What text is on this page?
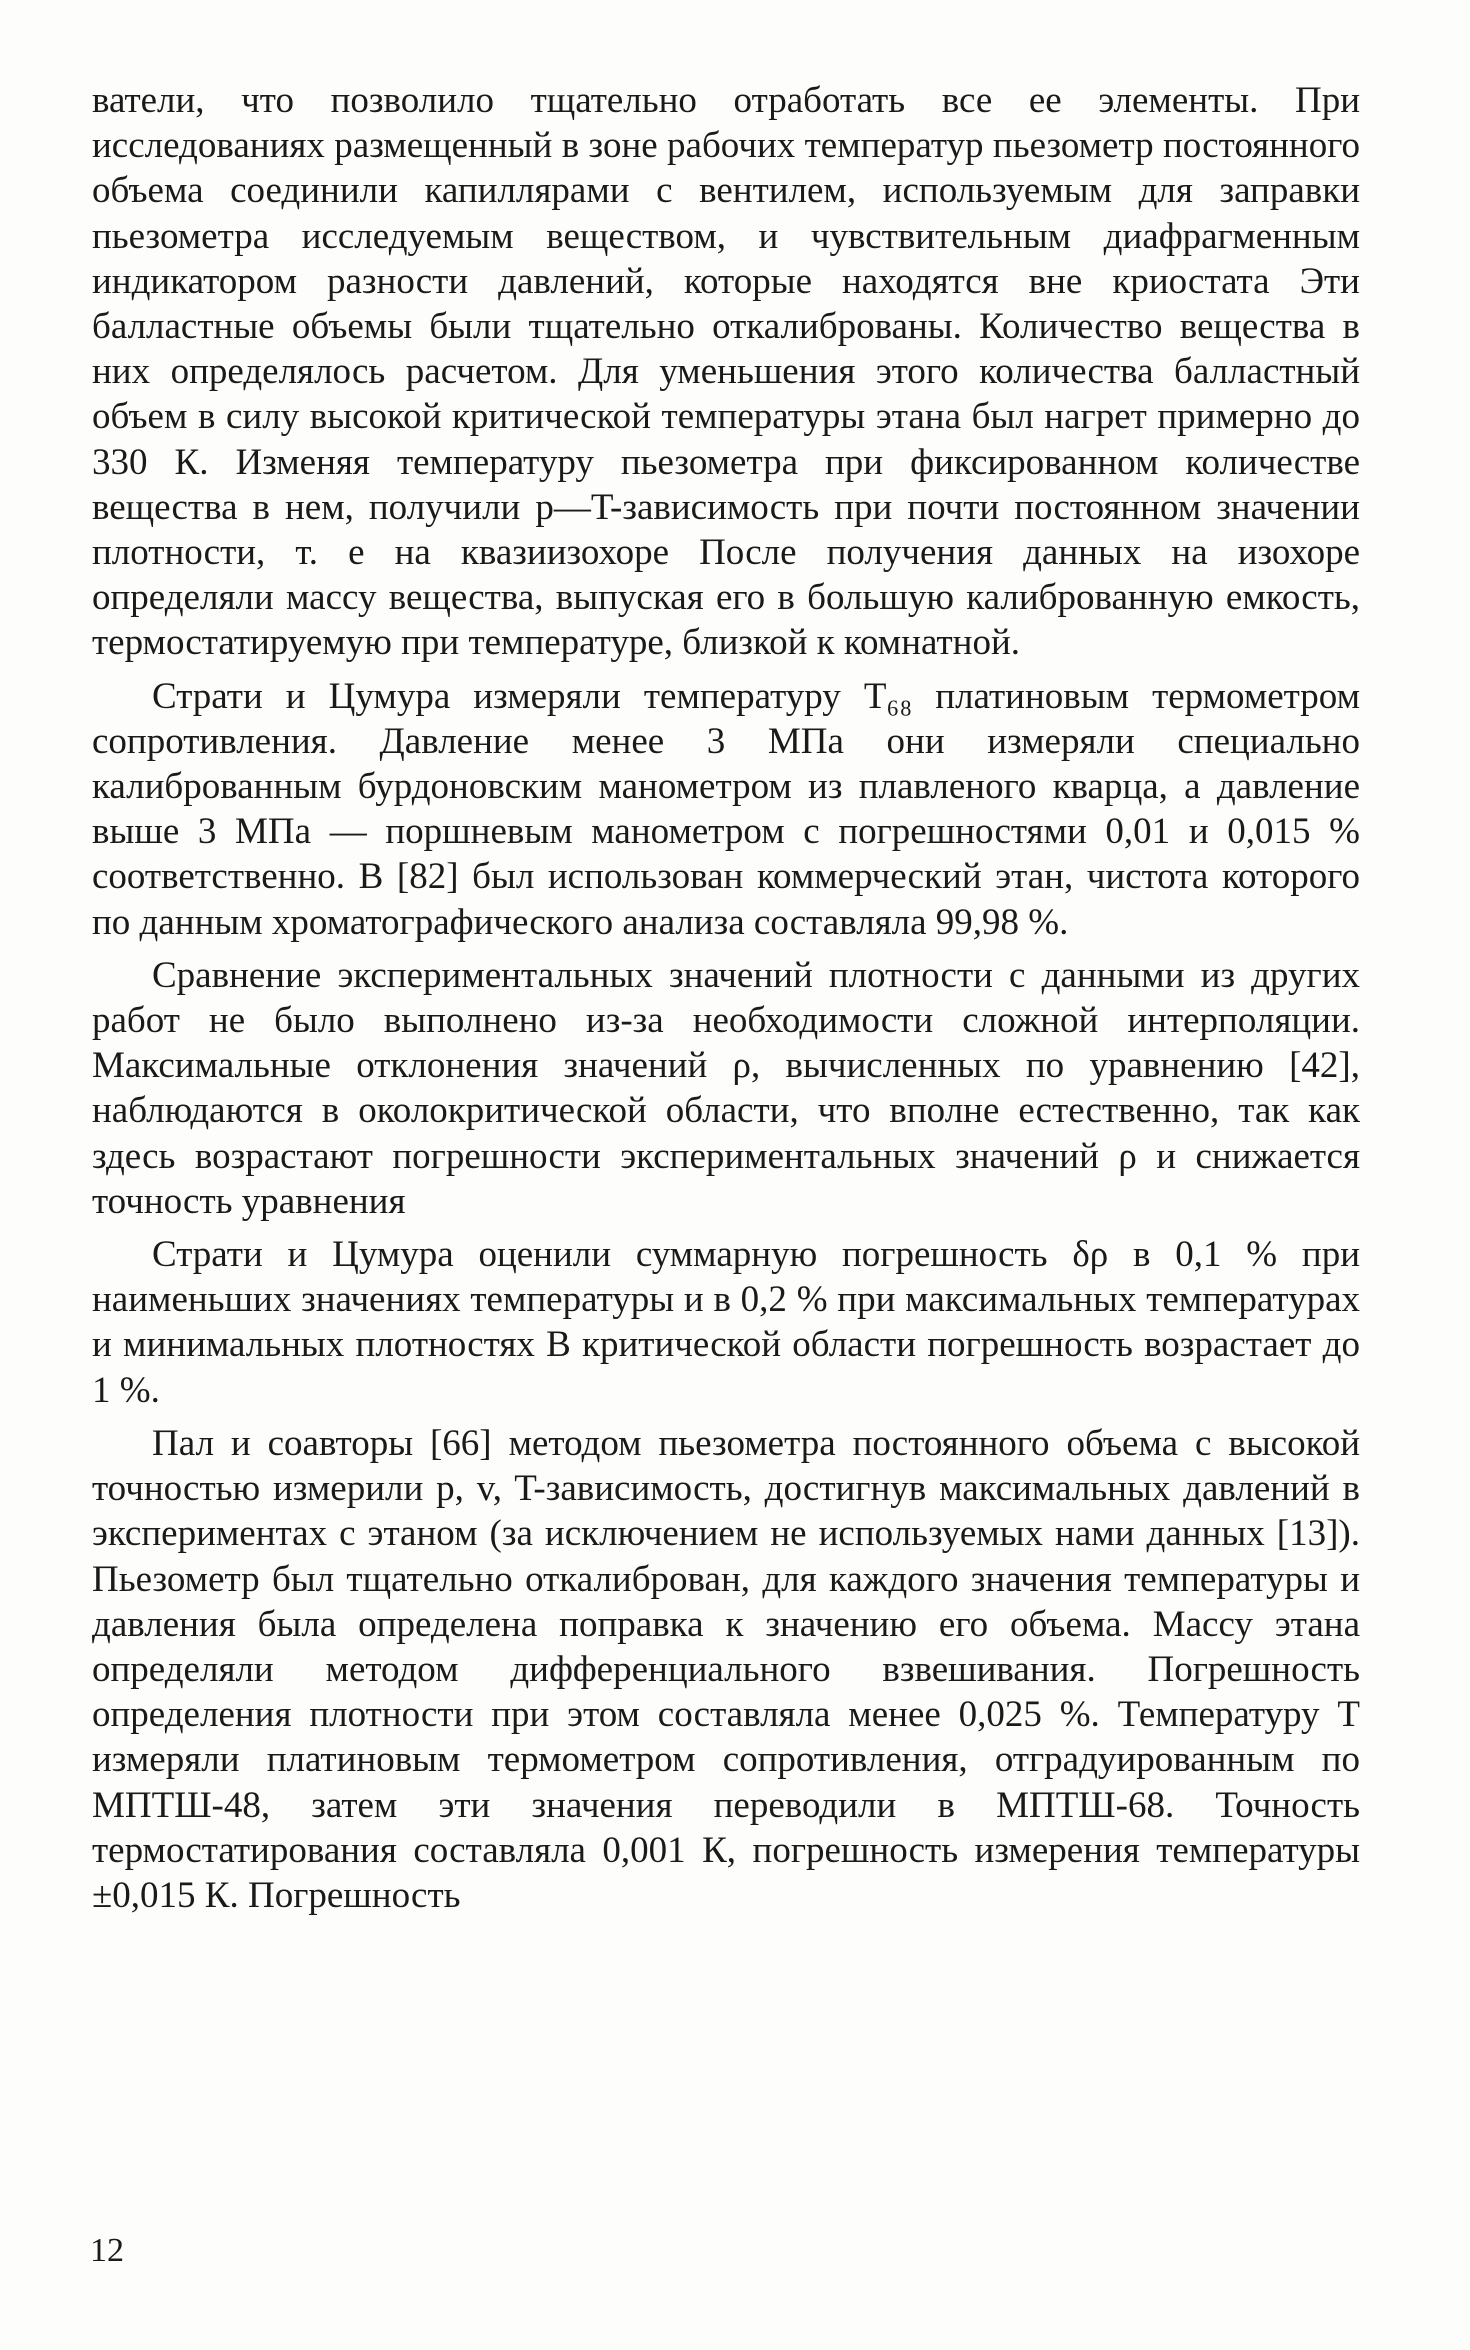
ватели, что позволило тщательно отработать все ее элементы. При исследованиях размещенный в зоне рабочих температур пьезометр постоянного объема соединили капиллярами с вентилем, используемым для заправки пьезометра исследуемым веществом, и чувствительным диафрагменным индикатором разности давлений, которые находятся вне криостата Эти балластные объемы были тщательно откалиброваны. Количество вещества в них определялось расчетом. Для уменьшения этого количества балластный объем в силу высокой критической температуры этана был нагрет примерно до 330 К. Изменяя температуру пьезометра при фиксированном количестве вещества в нем, получили p—T-зависимость при почти постоянном значении плотности, т. е на квазиизохоре После получения данных на изохоре определяли массу вещества, выпуская его в большую калиброванную емкость, термостатируемую при температуре, близкой к комнатной.

Страти и Цумура измеряли температуру T₆₈ платиновым термометром сопротивления. Давление менее 3 МПа они измеряли специально калиброванным бурдоновским манометром из плавленого кварца, а давление выше 3 МПа — поршневым манометром с погрешностями 0,01 и 0,015 % соответственно. В [82] был использован коммерческий этан, чистота которого по данным хроматографического анализа составляла 99,98 %.

Сравнение экспериментальных значений плотности с данными из других работ не было выполнено из-за необходимости сложной интерполяции. Максимальные отклонения значений ρ, вычисленных по уравнению [42], наблюдаются в околокритической области, что вполне естественно, так как здесь возрастают погрешности экспериментальных значений ρ и снижается точность уравнения

Страти и Цумура оценили суммарную погрешность δρ в 0,1 % при наименьших значениях температуры и в 0,2 % при максимальных температурах и минимальных плотностях В критической области погрешность возрастает до 1 %.

Пал и соавторы [66] методом пьезометра постоянного объема с высокой точностью измерили p, v, T-зависимость, достигнув максимальных давлений в экспериментах с этаном (за исключением не используемых нами данных [13]). Пьезометр был тщательно откалиброван, для каждого значения температуры и давления была определена поправка к значению его объема. Массу этана определяли методом дифференциального взвешивания. Погрешность определения плотности при этом составляла менее 0,025 %. Температуру T измеряли платиновым термометром сопротивления, отградуированным по МПТШ-48, затем эти значения переводили в МПТШ-68. Точность термостатирования составляла 0,001 К, погрешность измерения температуры ±0,015 К. Погрешность

12
